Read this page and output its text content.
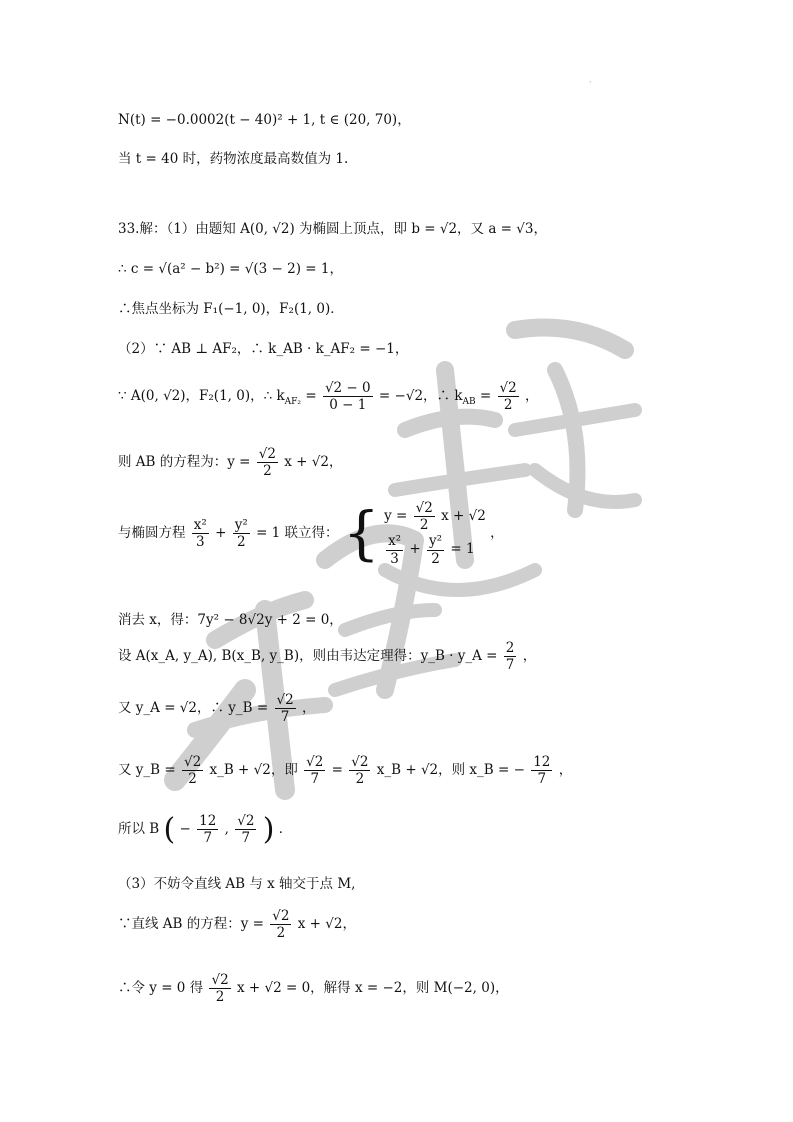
·
N(t) = −0.0002(t − 40)² + 1, t ∈ (20, 70)，
当 t = 40 时，药物浓度最高数值为 1.
33.解：（1）由题知 A(0, √2) 为椭圆上顶点，即 b = √2，又 a = √3，
∴ c = √(a² − b²) = √(3 − 2) = 1，
∴焦点坐标为 F₁(−1, 0)，F₂(1, 0)．
（2）∵ AB ⊥ AF₂，∴ k_AB · k_AF₂ = −1，
∵ A(0, √2)，F₂(1, 0)，∴ $k_{AF_2} = \frac{√2 - 0}{0 - 1} = -√2$，∴ $k_{AB} = \frac{√2}{2}$ ，
则 AB 的方程为：$y = \frac{√2}{2}$ x + √2，
与椭圆方程 $\frac{\text{x²}}{3} + \frac{\text{y²}}{2} = 1$ 联立得： { $y = \frac{√2}{2}$ x + √2
$\frac{\text{x²}}{3} + \frac{\text{y²}}{2} = 1$
，
消去 x，得：7y² − 8√2y + 2 = 0，
设 A(x_A, y_A), B(x_B, y_B)，则由韦达定理得：y_B · y_A = $\frac{2}{7}$ ，
又 y_A = √2，∴ y_B = $\frac{√2}{7}$ ，
又 y_B = $\frac{√2}{2}$ x_B + √2，即 $\frac{√2}{7} = \frac{√2}{2}$ x_B + √2，则 x_B = − $\frac{12}{7}$ ，
所以 B ( − $\frac{12}{7}$ , $\frac{√2}{7}$ ) ．
（3）不妨令直线 AB 与 x 轴交于点 M,
∵直线 AB 的方程：$y = \frac{√2}{2}$ x + √2，
∴令 y = 0 得 $\frac{√2}{2}$ x + √2 = 0，解得 x = −2，则 M(−2, 0)，
